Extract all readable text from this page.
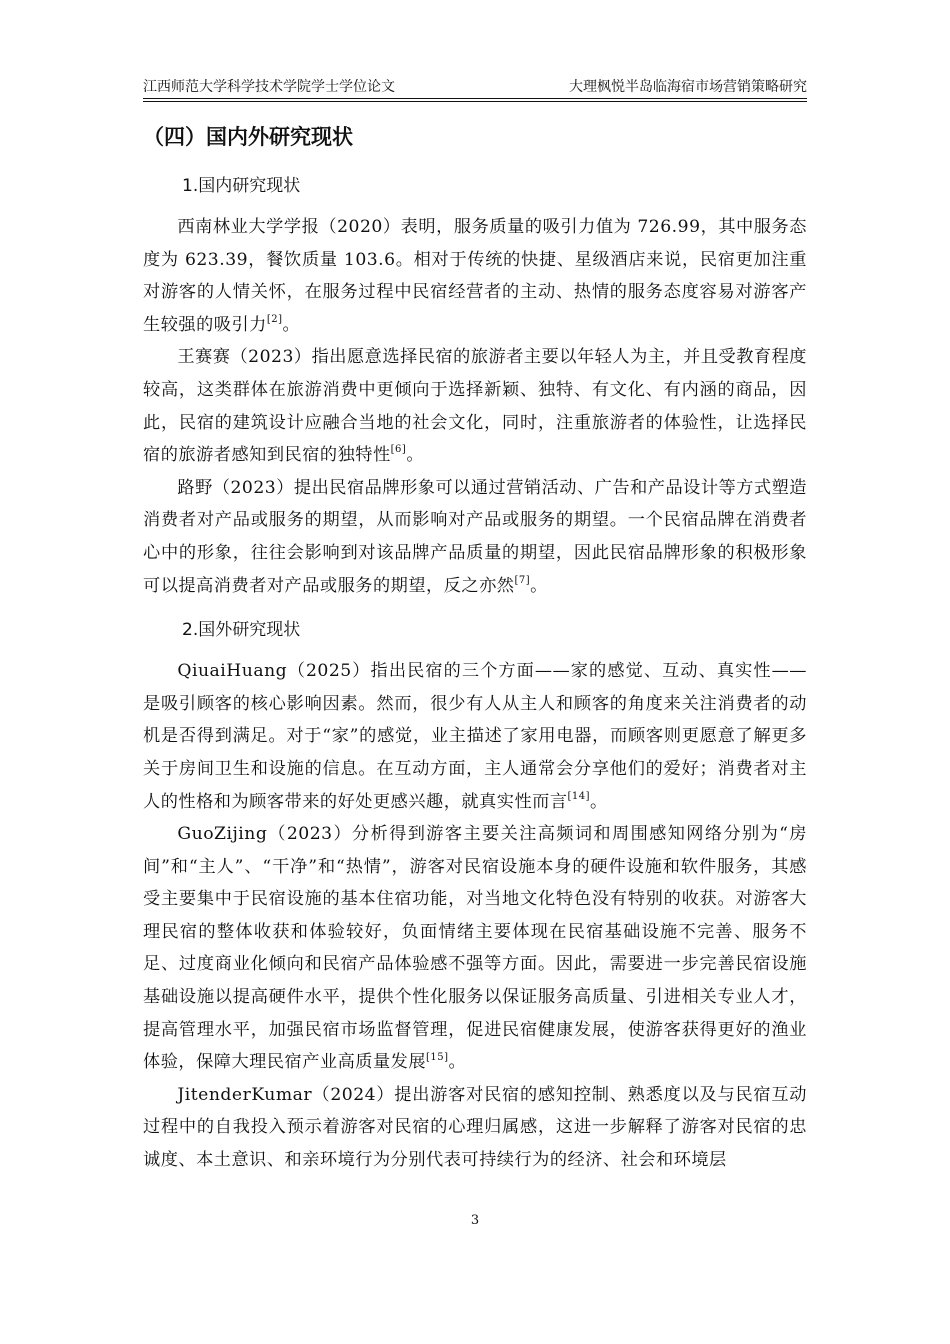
江西师范大学科学技术学院学士学位论文	大理枫悦半岛临海宿市场营销策略研究
（四）国内外研究现状
1.国内研究现状

西南林业大学学报（2020）表明，服务质量的吸引力值为 726.99，其中服务态度为 623.39，餐饮质量 103.6。相对于传统的快捷、星级酒店来说，民宿更加注重对游客的人情关怀，在服务过程中民宿经营者的主动、热情的服务态度容易对游客产生较强的吸引力[2]。

王赛赛（2023）指出愿意选择民宿的旅游者主要以年轻人为主，并且受教育程度较高，这类群体在旅游消费中更倾向于选择新颖、独特、有文化、有内涵的商品，因此，民宿的建筑设计应融合当地的社会文化，同时，注重旅游者的体验性，让选择民宿的旅游者感知到民宿的独特性[6]。

路野（2023）提出民宿品牌形象可以通过营销活动、广告和产品设计等方式塑造消费者对产品或服务的期望，从而影响对产品或服务的期望。一个民宿品牌在消费者心中的形象，往往会影响到对该品牌产品质量的期望，因此民宿品牌形象的积极形象可以提高消费者对产品或服务的期望，反之亦然[7]。

2.国外研究现状

QiuaiHuang（2025）指出民宿的三个方面——家的感觉、互动、真实性——是吸引顾客的核心影响因素。然而，很少有人从主人和顾客的角度来关注消费者的动机是否得到满足。对于“家”的感觉，业主描述了家用电器，而顾客则更愿意了解更多关于房间卫生和设施的信息。在互动方面，主人通常会分享他们的爱好；消费者对主人的性格和为顾客带来的好处更感兴趣，就真实性而言[14]。

GuoZijing（2023）分析得到游客主要关注高频词和周围感知网络分别为“房间”和“主人”、“干净”和“热情”，游客对民宿设施本身的硬件设施和软件服务，其感受主要集中于民宿设施的基本住宿功能，对当地文化特色没有特别的收获。对游客大理民宿的整体收获和体验较好，负面情绪主要体现在民宿基础设施不完善、服务不足、过度商业化倾向和民宿产品体验感不强等方面。因此，需要进一步完善民宿设施基础设施以提高硬件水平，提供个性化服务以保证服务高质量、引进相关专业人才，提高管理水平，加强民宿市场监督管理，促进民宿健康发展，使游客获得更好的渔业体验，保障大理民宿产业高质量发展[15]。

JitenderKumar（2024）提出游客对民宿的感知控制、熟悉度以及与民宿互动过程中的自我投入预示着游客对民宿的心理归属感，这进一步解释了游客对民宿的忠诚度、本土意识、和亲环境行为分别代表可持续行为的经济、社会和环境层

3
